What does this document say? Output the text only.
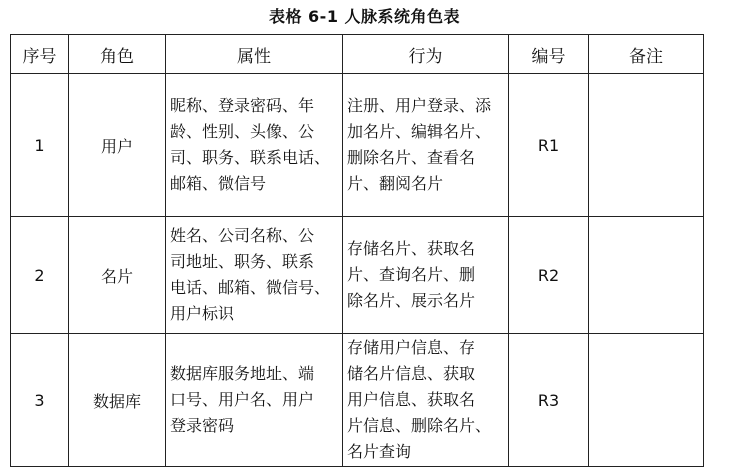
表格 6-1 人脉系统角色表
序号	角色	属性	行为	编号	备注
1	用户	昵称、登录密码、年
龄、性别、头像、公
司、职务、联系电话、
邮箱、微信号	注册、用户登录、添
加名片、编辑名片、
删除名片、查看名
片、翻阅名片	R1	
2	名片	姓名、公司名称、公
司地址、职务、联系
电话、邮箱、微信号、
用户标识	存储名片、获取名
片、查询名片、删
除名片、展示名片	R2	
3	数据库	数据库服务地址、端
口号、用户名、用户
登录密码	存储用户信息、存
储名片信息、获取
用户信息、获取名
片信息、删除名片、
名片查询	R3	
